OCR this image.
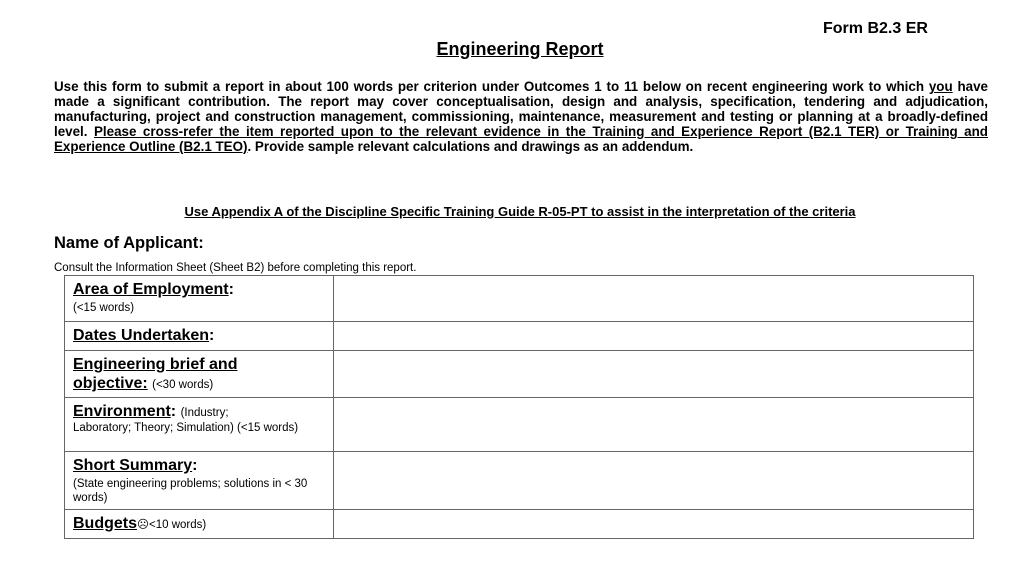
Form B2.3 ER
Engineering Report
Use this form to submit a report in about 100 words per criterion under Outcomes 1 to 11 below on recent engineering work to which you have made a significant contribution. The report may cover conceptualisation, design and analysis, specification, tendering and adjudication, manufacturing, project and construction management, commissioning, maintenance, measurement and testing or planning at a broadly-defined level. Please cross-refer the item reported upon to the relevant evidence in the Training and Experience Report (B2.1 TER) or Training and Experience Outline (B2.1 TEO). Provide sample relevant calculations and drawings as an addendum.
Use Appendix A of the Discipline Specific Training Guide R-05-PT to assist in the interpretation of the criteria
Name of Applicant:
Consult the Information Sheet (Sheet B2) before completing this report.
Area of Employment:
(<15 words)	

Dates Undertaken:	

Engineering brief and
objective: (<30 words)	

Environment: (Industry;
Laboratory; Theory; Simulation) (<15 words)	

Short Summary:
(State engineering problems; solutions in < 30 words)	

Budgets☹<10 words)	
